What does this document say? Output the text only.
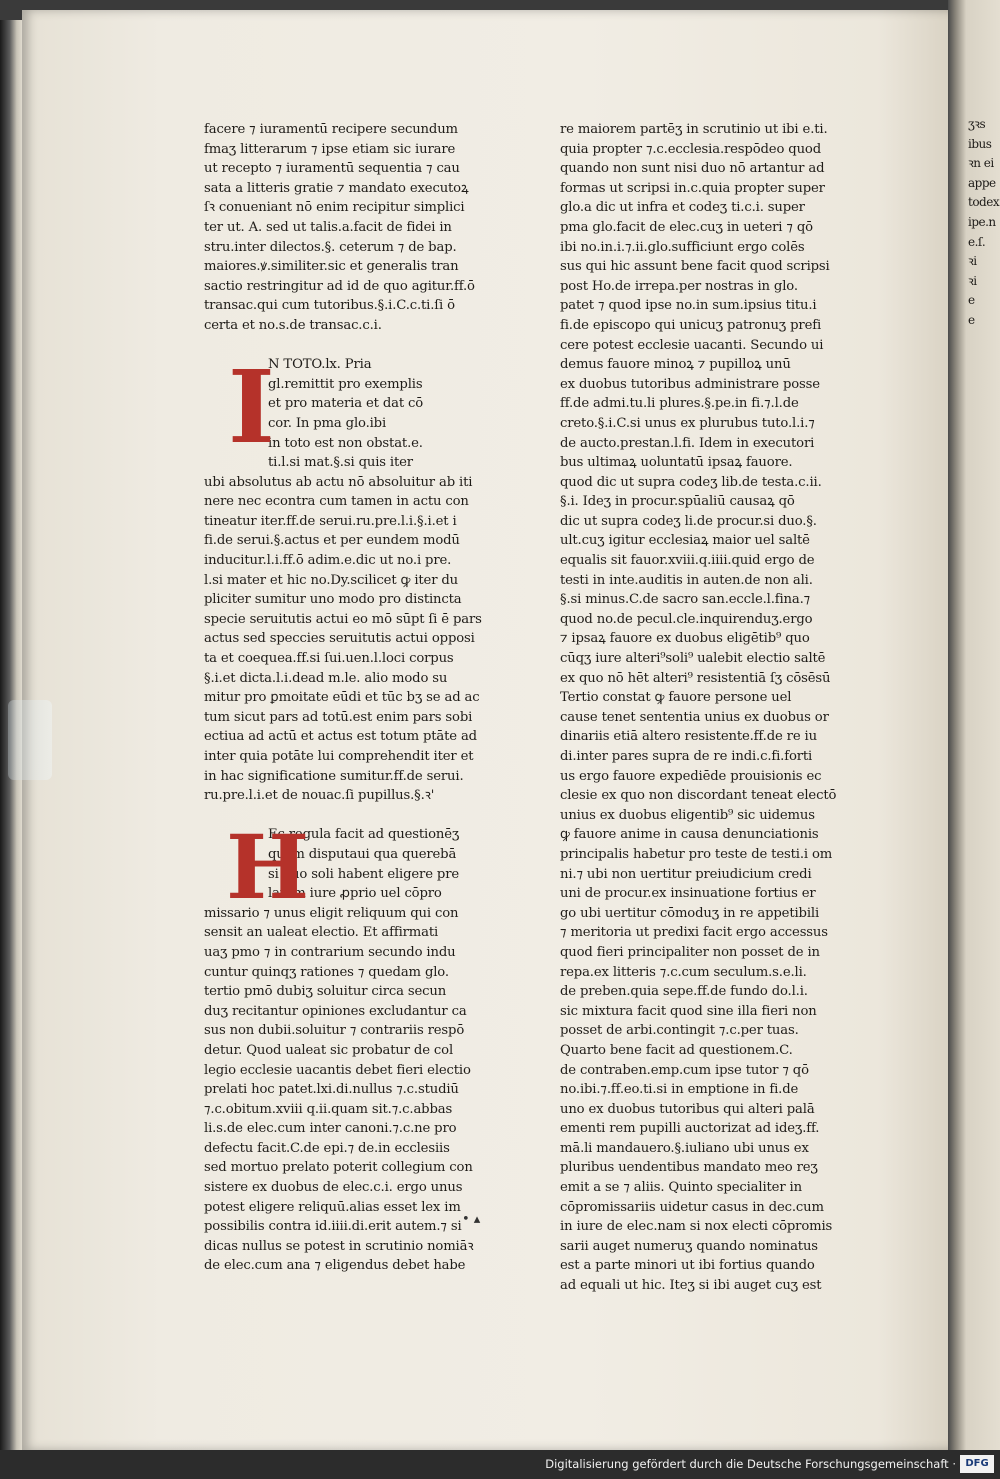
ʒꝛs
ibus
ꝛn ei
appe
todex
ipe.n
e.ſ.
ꝛi
ꝛi
e
e
facere ⁊ iuramentū recipere secundum
fmaʒ litterarum ⁊ ipse etiam sic iurare
ut recepto ⁊ iuramentū sequentia ⁊ cau
sata a litteris gratie ⁊ mandato executoꝝ
ſꝛ conueniant nō enim recipitur simplici
ter ut. A. sed ut talis.a.facit de fidei in
stru.inter dilectos.§. ceterum ⁊ de bap.
maiores.ꝟ.similiter.sic et generalis tran
sactio restringitur ad id de quo agitur.ff.ō
transac.qui cum tutoribus.§.i.C.c.ti.ſi ō
certa et no.s.de transac.c.i.
I
N TOTO.lx. Pria
gl.remittit pro exemplis
et pro materia et dat cō
cor. In pma glo.ibi
in toto est non obstat.e.
ti.l.si mat.§.si quis iter
ubi absolutus ab actu nō absoluitur ab iti
nere nec econtra cum tamen in actu con
tineatur iter.ff.de serui.ru.pre.l.i.§.i.et i
fi.de serui.§.actus et per eundem modū
inducitur.l.i.ff.ō adim.e.dic ut no.i pre.
l.si mater et hic no.Dy.scilicet ꝙ iter du
pliciter sumitur uno modo pro distincta
specie seruitutis actui eo mō sūpt ſi ē pars
actus sed speccies seruitutis actui opposi
ta et coequea.ff.si ſui.uen.l.loci corpus
§.i.et dicta.l.i.dead m.le. alio modo su
mitur pro ꝑmoitate eūdi et tūc bʒ se ad ac
tum sicut pars ad totū.est enim pars sobi
ectiua ad actū et actus est totum ptāte ad
inter quia potāte lui comprehendit iter et
in hac significatione sumitur.ff.de serui.
ru.pre.l.i.et de nouac.ſi pupillus.§.ꝛ'
H
Ec regula facit ad questionēʒ
quam disputaui qua querebā
si duo soli habent eligere pre
latum iure ꝓprio uel cōpro
missario ⁊ unus eligit reliquum qui con
sensit an ualeat electio. Et affirmati
uaʒ pmo ⁊ in contrarium secundo indu
cuntur quinqʒ rationes ⁊ quedam glo.
tertio pmō dubiʒ soluitur circa secun
duʒ recitantur opiniones excludantur ca
sus non dubii.soluitur ⁊ contrariis respō
detur. Quod ualeat sic probatur de col
legio ecclesie uacantis debet fieri electio
prelati hoc patet.lxi.di.nullus ⁊.c.studiū
⁊.c.obitum.xviii q.ii.quam sit.⁊.c.abbas
li.s.de elec.cum inter canoni.⁊.c.ne pro
defectu facit.C.de epi.⁊ de.in ecclesiis
sed mortuo prelato poterit collegium con
sistere ex duobus de elec.c.i. ergo unus
potest eligere reliquū.alias esset lex im
possibilis contra id.iiii.di.erit autem.⁊ si
dicas nullus se potest in scrutinio nomiāꝛ
de elec.cum ana ⁊ eligendus debet habe
re maiorem partēʒ in scrutinio ut ibi e.ti.
quia propter ⁊.c.ecclesia.respōdeo quod
quando non sunt nisi duo nō artantur ad
formas ut scripsi in.c.quia propter super
glo.a dic ut infra et codeʒ ti.c.i. super
pma glo.facit de elec.cuʒ in ueteri ⁊ qō
ibi no.in.i.⁊.ii.glo.sufficiunt ergo colēs
sus qui hic assunt bene facit quod scripsi
post Ho.de irrepa.per nostras in glo.
patet ⁊ quod ipse no.in sum.ipsius titu.i
fi.de episcopo qui unicuʒ patronuʒ prefi
cere potest ecclesie uacanti. Secundo ui
demus fauore minoꝝ ⁊ pupilloꝝ unū
ex duobus tutoribus administrare posse
ff.de admi.tu.li plures.§.pe.in fi.⁊.l.de
creto.§.i.C.si unus ex plurubus tuto.l.i.⁊
de aucto.prestan.l.fi. Idem in executori
bus ultimaꝝ uoluntatū ipsaꝝ fauore.
quod dic ut supra codeʒ lib.de testa.c.ii.
§.i. Ideʒ in procur.spūaliū causaꝝ qō
dic ut supra codeʒ li.de procur.si duo.§.
ult.cuʒ igitur ecclesiaꝝ maior uel saltē
equalis sit fauor.xviii.q.iiii.quid ergo de
testi in inte.auditis in auten.de non ali.
§.si minus.C.de sacro san.eccle.l.fina.⁊
quod no.de pecul.cle.inquirenduʒ.ergo
⁊ ipsaꝝ fauore ex duobus eligētib⁹ quo
cūqʒ iure alteri⁹soli⁹ ualebit electio saltē
ex quo nō hēt alteri⁹ resistentiā ſʒ cōsēsū
Tertio constat ꝙ fauore persone uel
cause tenet sententia unius ex duobus or
dinariis etiā altero resistente.ff.de re iu
di.inter pares supra de re indi.c.fi.forti
us ergo fauore expediēde prouisionis ec
clesie ex quo non discordant teneat electō
unius ex duobus eligentib⁹ sic uidemus
ꝙ fauore anime in causa denunciationis
principalis habetur pro teste de testi.i om
ni.⁊ ubi non uertitur preiudicium credi
uni de procur.ex insinuatione fortius er
go ubi uertitur cōmoduʒ in re appetibili
⁊ meritoria ut predixi facit ergo accessus
quod fieri principaliter non posset de in
repa.ex litteris ⁊.c.cum seculum.s.e.li.
de preben.quia sepe.ff.de fundo do.l.i.
sic mixtura facit quod sine illa fieri non
posset de arbi.contingit ⁊.c.per tuas.
Quarto bene facit ad questionem.C.
de contraben.emp.cum ipse tutor ⁊ qō
no.ibi.⁊.ff.eo.ti.si in emptione in fi.de
uno ex duobus tutoribus qui alteri palā
ementi rem pupilli auctorizat ad ideʒ.ff.
mā.li mandauero.§.iuliano ubi unus ex
pluribus uendentibus mandato meo reʒ
emit a se ⁊ aliis. Quinto specialiter in
cōpromissariis uidetur casus in dec.cum
in iure de elec.nam si nox electi cōpromis
sarii auget numeruʒ quando nominatus
est a parte minori ut ibi fortius quando
ad equali ut hic. Iteʒ si ibi auget cuʒ est
• ▴
Digitalisierung gefördert durch die Deutsche Forschungsgemeinschaft · DFG
